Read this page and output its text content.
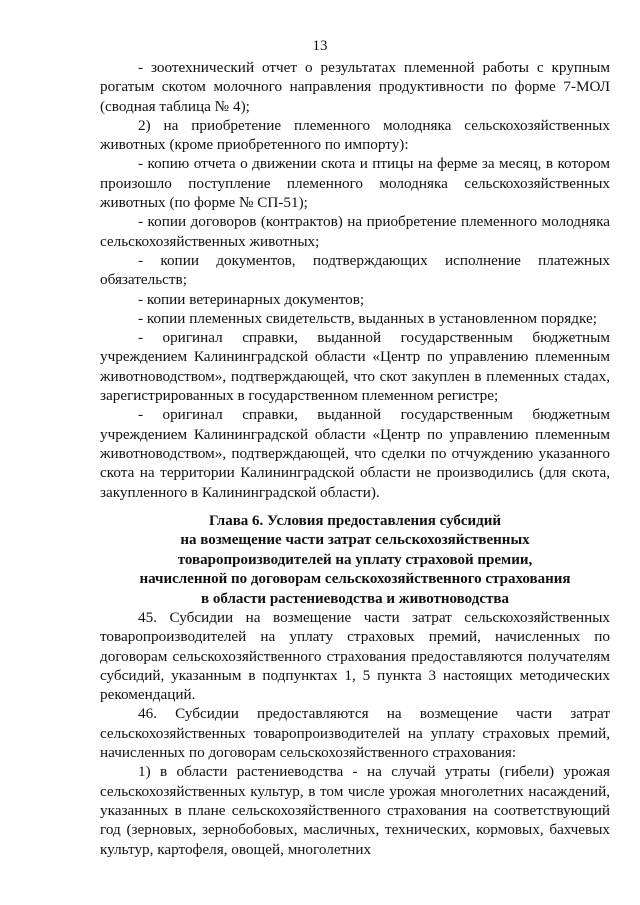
13

- зоотехнический отчет о результатах племенной работы с крупным рогатым скотом молочного направления продуктивности по форме 7-МОЛ (сводная таблица № 4);

2) на приобретение племенного молодняка сельскохозяйственных животных (кроме приобретенного по импорту):

- копию отчета о движении скота и птицы на ферме за месяц, в котором произошло поступление племенного молодняка сельскохозяйственных животных (по форме № СП-51);

- копии договоров (контрактов) на приобретение племенного молодняка сельскохозяйственных животных;

- копии документов, подтверждающих исполнение платежных обязательств;

- копии ветеринарных документов;

- копии племенных свидетельств, выданных в установленном порядке;

- оригинал справки, выданной государственным бюджетным учреждением Калининградской области «Центр по управлению племенным животноводством», подтверждающей, что скот закуплен в племенных стадах, зарегистрированных в государственном племенном регистре;

- оригинал справки, выданной государственным бюджетным учреждением Калининградской области «Центр по управлению племенным животноводством», подтверждающей, что сделки по отчуждению указанного скота на территории Калининградской области не производились (для скота, закупленного в Калининградской области).

Глава 6. Условия предоставления субсидий
на возмещение части затрат сельскохозяйственных
товаропроизводителей на уплату страховой премии,
начисленной по договорам сельскохозяйственного страхования
в области растениеводства и животноводства

45. Субсидии на возмещение части затрат сельскохозяйственных товаропроизводителей на уплату страховых премий, начисленных по договорам сельскохозяйственного страхования предоставляются получателям субсидий, указанным в подпунктах 1, 5 пункта 3 настоящих методических рекомендаций.

46. Субсидии предоставляются на возмещение части затрат сельскохозяйственных товаропроизводителей на уплату страховых премий, начисленных по договорам сельскохозяйственного страхования:

1) в области растениеводства - на случай утраты (гибели) урожая сельскохозяйственных культур, в том числе урожая многолетних насаждений, указанных в плане сельскохозяйственного страхования на соответствующий год (зерновых, зернобобовых, масличных, технических, кормовых, бахчевых культур, картофеля, овощей, многолетних
